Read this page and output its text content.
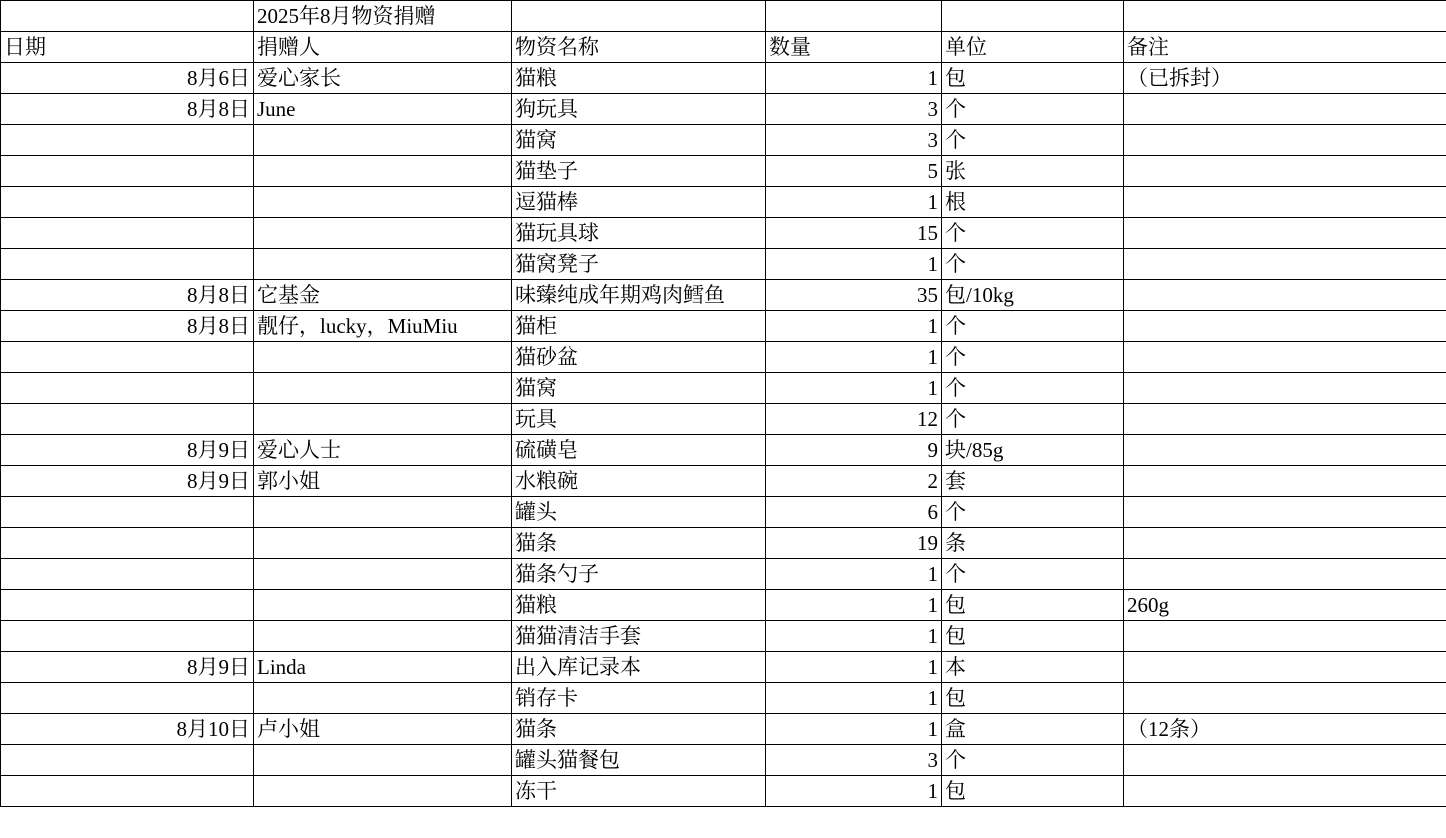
	2025年8月物资捐赠				
日期	捐赠人	物资名称	数量	单位	备注
8月6日	爱心家长	猫粮	1	包	（已拆封）
8月8日	June	狗玩具	3	个	
		猫窝	3	个	
		猫垫子	5	张	
		逗猫棒	1	根	
		猫玩具球	15	个	
		猫窝凳子	1	个	
8月8日	它基金	味臻纯成年期鸡肉鳕鱼	35	包/10kg	
8月8日	靓仔，lucky，MiuMiu	猫柜	1	个	
		猫砂盆	1	个	
		猫窝	1	个	
		玩具	12	个	
8月9日	爱心人士	硫磺皂	9	块/85g	
8月9日	郭小姐	水粮碗	2	套	
		罐头	6	个	
		猫条	19	条	
		猫条勺子	1	个	
		猫粮	1	包	260g
		猫猫清洁手套	1	包	
8月9日	Linda	出入库记录本	1	本	
		销存卡	1	包	
8月10日	卢小姐	猫条	1	盒	（12条）
		罐头猫餐包	3	个	
		冻干	1	包	
